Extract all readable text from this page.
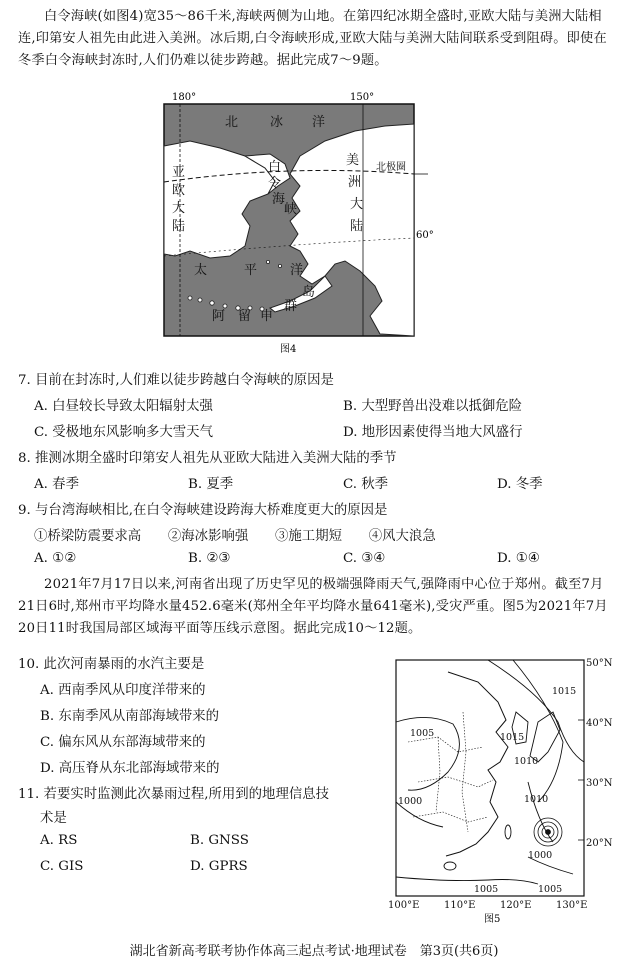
白令海峡(如图4)宽35～86千米,海峡两侧为山地。在第四纪冰期全盛时,亚欧大陆与美洲大陆相连,印第安人祖先由此进入美洲。冰后期,白令海峡形成,亚欧大陆与美洲大陆间联系受到阻碍。即使在冬季白令海峡封冻时,人们仍难以徒步跨越。据此完成7～9题。
180°	150°
北 冰 洋
白
令
海
峡
亚
欧
大
陆
美
洲
大
陆
太	平	洋
阿 留 申
群
岛
北极圈
60°
图4
7. 目前在封冻时,人们难以徒步跨越白令海峡的原因是
A. 白昼较长导致太阳辐射太强	B. 大型野兽出没难以抵御危险
C. 受极地东风影响多大雪天气	D. 地形因素使得当地大风盛行
8. 推测冰期全盛时印第安人祖先从亚欧大陆进入美洲大陆的季节
A. 春季	B. 夏季	C. 秋季	D. 冬季
9. 与台湾海峡相比,在白令海峡建设跨海大桥难度更大的原因是
①桥梁防震要求高　　②海冰影响强　　③施工期短　　④风大浪急
A. ①②	B. ②③	C. ③④	D. ①④
2021年7月17日以来,河南省出现了历史罕见的极端强降雨天气,强降雨中心位于郑州。截至7月21日6时,郑州市平均降水量452.6毫米(郑州全年平均降水量641毫米),受灾严重。图5为2021年7月20日11时我国局部区域海平面等压线示意图。据此完成10～12题。
10. 此次河南暴雨的水汽主要是
A. 西南季风从印度洋带来的
B. 东南季风从南部海域带来的
C. 偏东风从东部海域带来的
D. 高压脊从东北部海域带来的
11. 若要实时监测此次暴雨过程,所用到的地理信息技
术是
A. RS	B. GNSS
C. GIS	D. GPRS
1015
1005	1015
1010
1000	1010
1000
1005	1005
50°N
40°N
30°N
20°N
100°E 110°E 120°E 130°E
图5
湖北省新高考联考协作体高三起点考试·地理试卷　第3页(共6页)
